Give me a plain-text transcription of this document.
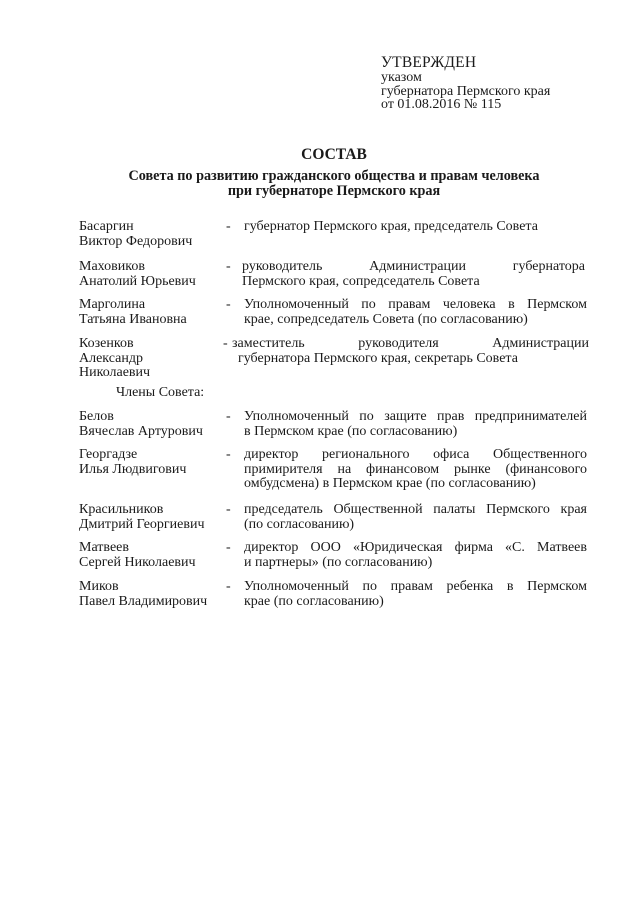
УТВЕРЖДЕН
указом
губернатора Пермского края
от 01.08.2016 № 115
СОСТАВ
Совета по развитию гражданского общества и правам человека
при губернаторе Пермского края
Басаргин
Виктор Федорович
- губернатор Пермского края, председатель Совета
Маховиков
Анатолий Юрьевич
- руководитель Администрации губернатора
Пермского края, сопредседатель Совета
Марголина
Татьяна Ивановна
- Уполномоченный по правам человека в Пермском
крае, сопредседатель Совета (по согласованию)
Козенков
Александр
Николаевич
- заместитель руководителя Администрации
губернатора Пермского края, секретарь Совета
Члены Совета:
Белов
Вячеслав Артурович
- Уполномоченный по защите прав предпринимателей
в Пермском крае (по согласованию)
Георгадзе
Илья Людвигович
- директор регионального офиса Общественного
примирителя на финансовом рынке (финансового
омбудсмена) в Пермском крае (по согласованию)
Красильников
Дмитрий Георгиевич
- председатель Общественной палаты Пермского края
(по согласованию)
Матвеев
Сергей Николаевич
- директор ООО «Юридическая фирма «С. Матвеев
и партнеры» (по согласованию)
Миков
Павел Владимирович
- Уполномоченный по правам ребенка в Пермском
крае (по согласованию)
